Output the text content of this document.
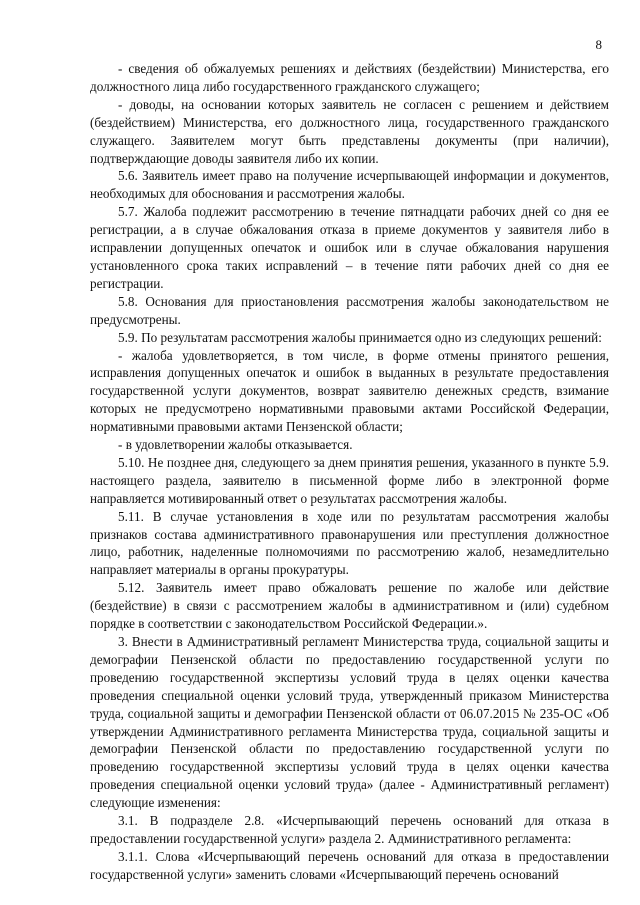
8

- сведения об обжалуемых решениях и действиях (бездействии) Министерства, его должностного лица либо государственного гражданского служащего;

- доводы, на основании которых заявитель не согласен с решением и действием (бездействием) Министерства, его должностного лица, государственного гражданского служащего. Заявителем могут быть представлены документы (при наличии), подтверждающие доводы заявителя либо их копии.

5.6. Заявитель имеет право на получение исчерпывающей информации и документов, необходимых для обоснования и рассмотрения жалобы.

5.7. Жалоба подлежит рассмотрению в течение пятнадцати рабочих дней со дня ее регистрации, а в случае обжалования отказа в приеме документов у заявителя либо в исправлении допущенных опечаток и ошибок или в случае обжалования нарушения установленного срока таких исправлений – в течение пяти рабочих дней со дня ее регистрации.

5.8. Основания для приостановления рассмотрения жалобы законодательством не предусмотрены.

5.9. По результатам рассмотрения жалобы принимается одно из следующих решений:

- жалоба удовлетворяется, в том числе, в форме отмены принятого решения, исправления допущенных опечаток и ошибок в выданных в результате предоставления государственной услуги документов, возврат заявителю денежных средств, взимание которых не предусмотрено нормативными правовыми актами Российской Федерации, нормативными правовыми актами Пензенской области;

- в удовлетворении жалобы отказывается.

5.10. Не позднее дня, следующего за днем принятия решения, указанного в пункте 5.9. настоящего раздела, заявителю в письменной форме либо в электронной форме направляется мотивированный ответ о результатах рассмотрения жалобы.

5.11. В случае установления в ходе или по результатам рассмотрения жалобы признаков состава административного правонарушения или преступления должностное лицо, работник, наделенные полномочиями по рассмотрению жалоб, незамедлительно направляет материалы в органы прокуратуры.

5.12. Заявитель имеет право обжаловать решение по жалобе или действие (бездействие) в связи с рассмотрением жалобы в административном и (или) судебном порядке в соответствии с законодательством Российской Федерации.».

3. Внести в Административный регламент Министерства труда, социальной защиты и демографии Пензенской области по предоставлению государственной услуги по проведению государственной экспертизы условий труда в целях оценки качества проведения специальной оценки условий труда, утвержденный приказом Министерства труда, социальной защиты и демографии Пензенской области от 06.07.2015 № 235-ОС «Об утверждении Административного регламента Министерства труда, социальной защиты и демографии Пензенской области по предоставлению государственной услуги по проведению государственной экспертизы условий труда в целях оценки качества проведения специальной оценки условий труда» (далее - Административный регламент) следующие изменения:

3.1. В подразделе 2.8. «Исчерпывающий перечень оснований для отказа в предоставлении государственной услуги» раздела 2. Административного регламента:

3.1.1. Слова «Исчерпывающий перечень оснований для отказа в предоставлении государственной услуги» заменить словами «Исчерпывающий перечень оснований
